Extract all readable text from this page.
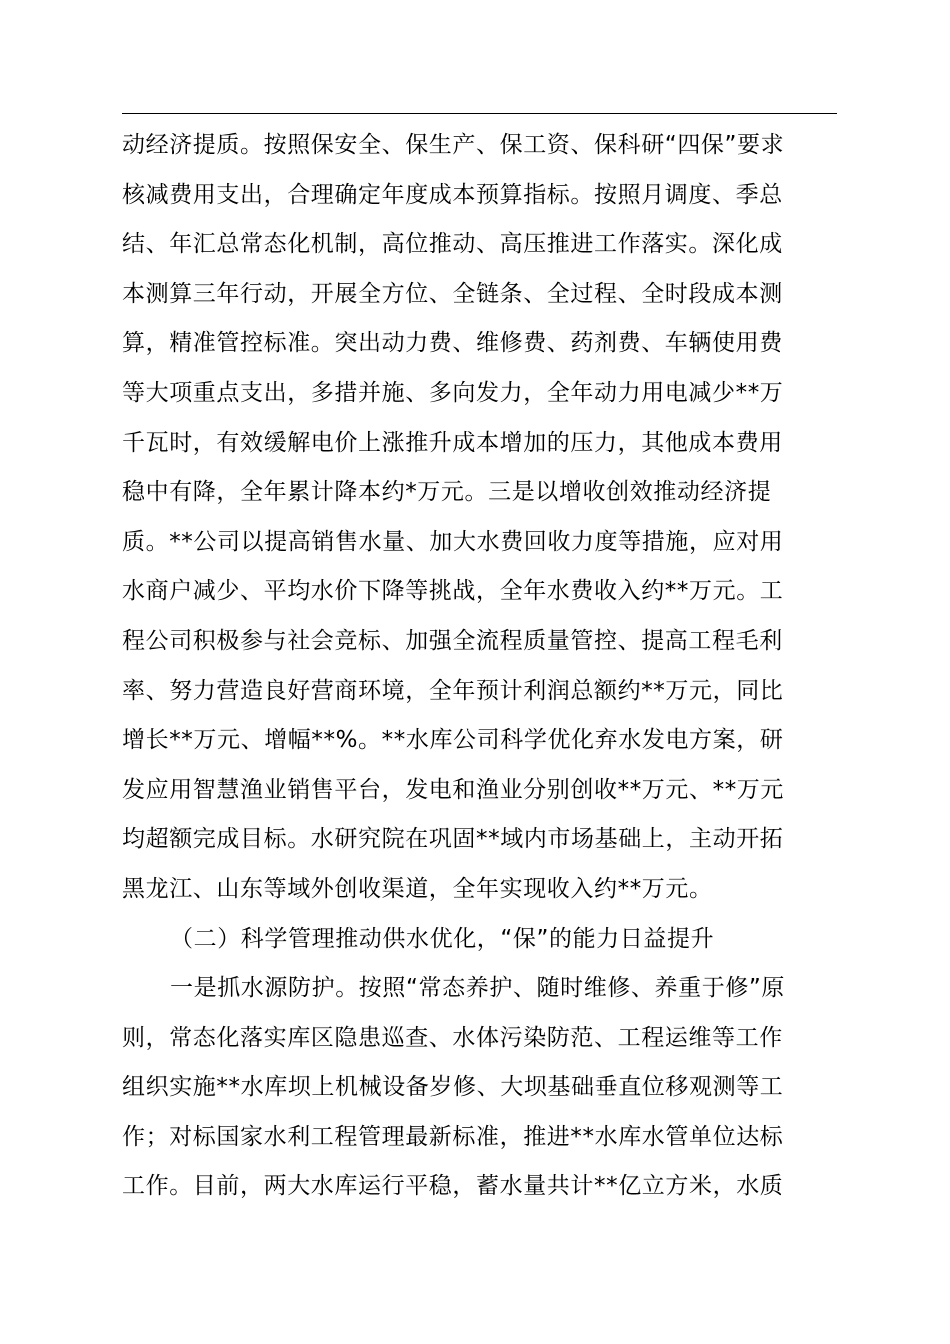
动经济提质。按照保安全、保生产、保工资、保科研“四保”要求
核减费用支出，合理确定年度成本预算指标。按照月调度、季总
结、年汇总常态化机制，高位推动、高压推进工作落实。深化成
本测算三年行动，开展全方位、全链条、全过程、全时段成本测
算，精准管控标准。突出动力费、维修费、药剂费、车辆使用费
等大项重点支出，多措并施、多向发力，全年动力用电减少**万
千瓦时，有效缓解电价上涨推升成本增加的压力，其他成本费用
稳中有降，全年累计降本约*万元。三是以增收创效推动经济提
质。**公司以提高销售水量、加大水费回收力度等措施，应对用
水商户减少、平均水价下降等挑战，全年水费收入约**万元。工
程公司积极参与社会竞标、加强全流程质量管控、提高工程毛利
率、努力营造良好营商环境，全年预计利润总额约**万元，同比
增长**万元、增幅**%。**水库公司科学优化弃水发电方案，研
发应用智慧渔业销售平台，发电和渔业分别创收**万元、**万元
均超额完成目标。水研究院在巩固**域内市场基础上，主动开拓
黑龙江、山东等域外创收渠道，全年实现收入约**万元。
（二）科学管理推动供水优化，“保”的能力日益提升
一是抓水源防护。按照“常态养护、随时维修、养重于修”原
则，常态化落实库区隐患巡查、水体污染防范、工程运维等工作
组织实施**水库坝上机械设备岁修、大坝基础垂直位移观测等工
作；对标国家水利工程管理最新标准，推进**水库水管单位达标
工作。目前，两大水库运行平稳，蓄水量共计**亿立方米，水质
